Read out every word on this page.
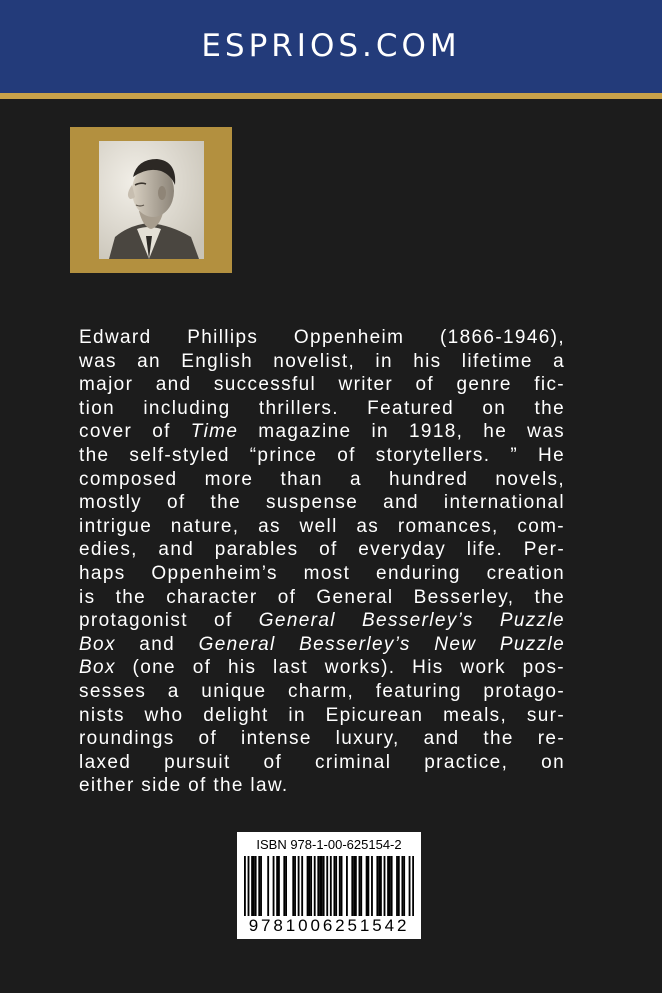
ESPRIOS.COM
Edward Phillips Oppenheim (1866-1946),
was an English novelist, in his lifetime a
major and successful writer of genre fic-
tion including thrillers. Featured on the
cover of Time magazine in 1918, he was
the self-styled “prince of storytellers. ” He
composed more than a hundred novels,
mostly of the suspense and international
intrigue nature, as well as romances, com-
edies, and parables of everyday life. Per-
haps Oppenheim’s most enduring creation
is the character of General Besserley, the
protagonist of General Besserley’s Puzzle
Box and General Besserley’s New Puzzle
Box (one of his last works). His work pos-
sesses a unique charm, featuring protago-
nists who delight in Epicurean meals, sur-
roundings of intense luxury, and the re-
laxed pursuit of criminal practice, on
either side of the law.
ISBN 978-1-00-625154-2
9781006251542
